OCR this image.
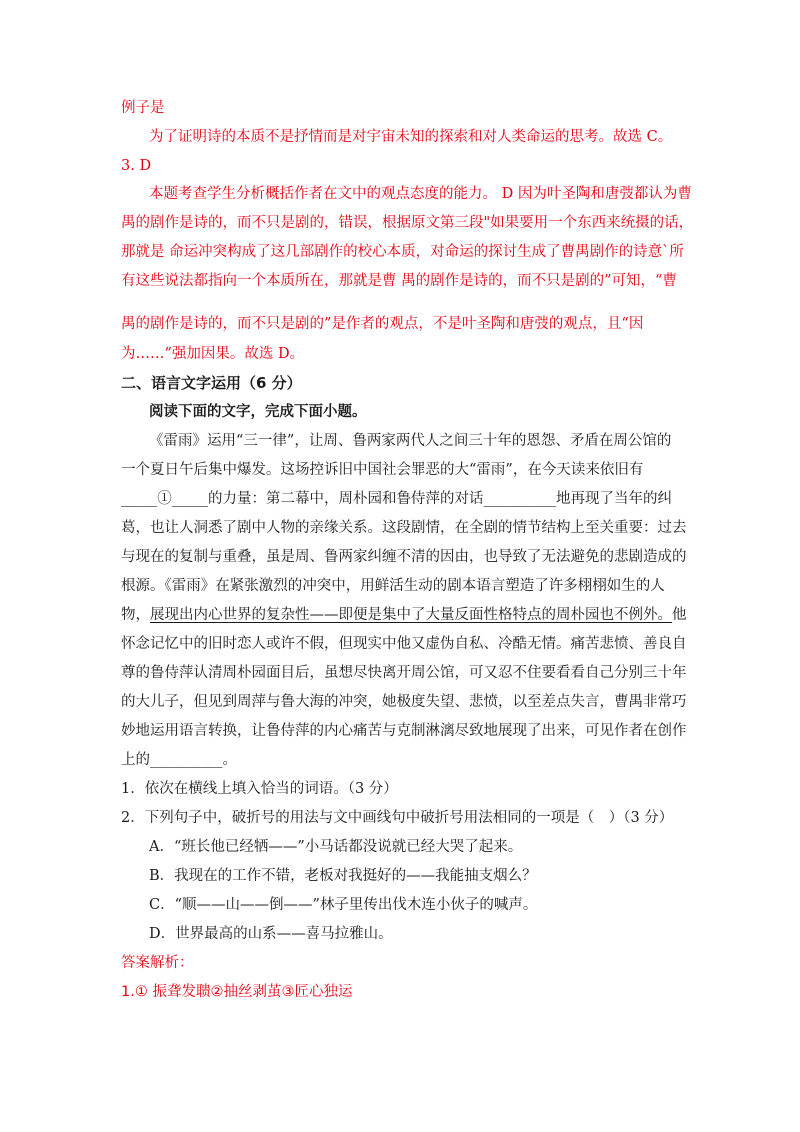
例子是
为了证明诗的本质不是抒情而是对宇宙未知的探索和对人类命运的思考。故选 C。
3. D
本题考查学生分析概括作者在文中的观点态度的能力。 D 因为叶圣陶和唐弢都认为曹
禺的剧作是诗的，而不只是剧的，错误，根据原文第三段"如果要用一个东西来统摄的话，
那就是 命运冲突构成了这几部剧作的校心本质，对命运的探讨生成了曹禺剧作的诗意`所
有这些说法都指向一个本质所在，那就是曹 禺的剧作是诗的，而不只是剧的”可知，“曹
禺的剧作是诗的，而不只是剧的”是作者的观点，不是叶圣陶和唐弢的观点，且“因
为……”强加因果。故选 D。
二、语言文字运用（6 分）
阅读下面的文字，完成下面小题。
《雷雨》运用“三一律”，让周、鲁两家两代人之间三十年的恩怨、矛盾在周公馆的
一个夏日午后集中爆发。这场控诉旧中国社会罪恶的大“雷雨”，在今天读来依旧有
_____①_____的力量：第二幕中，周朴园和鲁侍萍的对话__________地再现了当年的纠
葛，也让人洞悉了剧中人物的亲缘关系。这段剧情，在全剧的情节结构上至关重要：过去
与现在的复制与重叠，虽是周、鲁两家纠缠不清的因由，也导致了无法避免的悲剧造成的
根源。《雷雨》在紧张激烈的冲突中，用鲜活生动的剧本语言塑造了许多栩栩如生的人
物，展现出内心世界的复杂性——即便是集中了大量反面性格特点的周朴园也不例外。他
怀念记忆中的旧时恋人或许不假，但现实中他又虚伪自私、冷酷无情。痛苦悲愤、善良自
尊的鲁侍萍认清周朴园面目后，虽想尽快离开周公馆，可又忍不住要看看自己分别三十年
的大儿子，但见到周萍与鲁大海的冲突，她极度失望、悲愤，以至差点失言，曹禺非常巧
妙地运用语言转换，让鲁侍萍的内心痛苦与克制淋漓尽致地展现了出来，可见作者在创作
上的__________。
1．依次在横线上填入恰当的词语。（3 分）
2．下列句子中，破折号的用法与文中画线句中破折号用法相同的一项是（　）（3 分）
A．“班长他已经牺——”小马话都没说就已经大哭了起来。
B．我现在的工作不错，老板对我挺好的——我能抽支烟么？
C．“顺——山——倒——”林子里传出伐木连小伙子的喊声。
D．世界最高的山系——喜马拉雅山。
答案解析：
1.① 振聋发聩②抽丝剥茧③匠心独运
